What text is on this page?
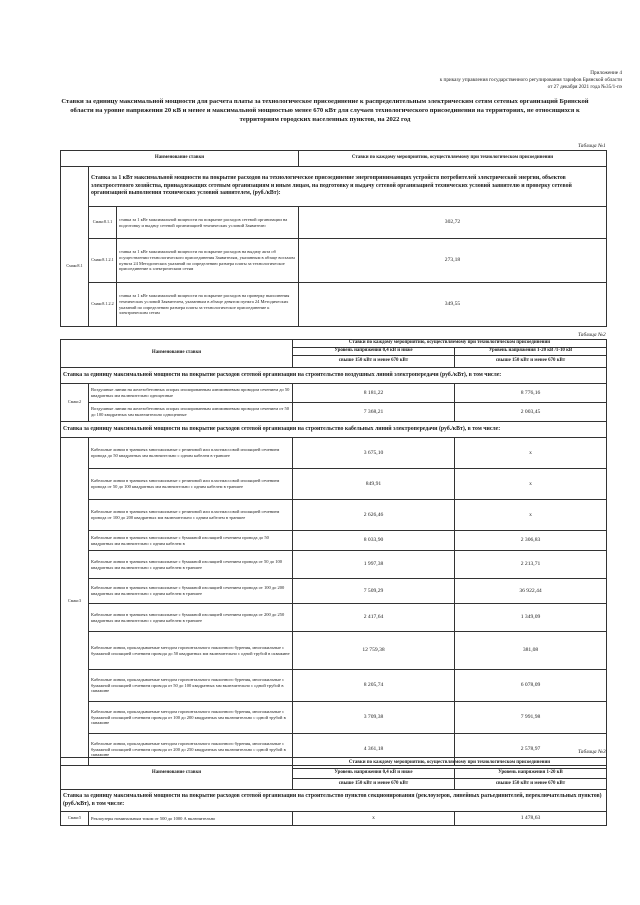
Приложение 4
к приказу управления государственного регулирования тарифов Брянской области
от 27 декабря 2021 года №35/1-пэ
Ставки за единицу максимальной мощности для расчета платы за технологическое присоединение к распределительным электрическим сетям сетевых организаций Брянской области на уровне напряжения 20 кВ и менее и максимальной мощностью менее 670 кВт для случаев технологического присоединения на территориях, не относящихся к территориям городских населенных пунктов, на 2022 год
Таблица №1
Наименование ставки			Ставки по каждому мероприятию, осуществляемому при технологическом присоединении
	Ставка за 1 кВт максимальной мощности на покрытие расходов на технологическое присоединение энергопринимающих устройств потребителей электрической энергии, объектов электросетевого хозяйства, принадлежащих сетевым организациям и иным лицам, на подготовку и выдачу сетевой организацией технических условий заявителю и проверку сетевой организацией выполнения технических условий заявителем, (руб./кВт):		
Смакс8.1	Cмакс8.1.1	ставка за 1 кВт максимальной мощности на покрытие расходов сетевой организации на подготовку и выдачу сетевой организацией технических условий Заявителю	302,72
	Cмакс8.1.2.1	ставка за 1 кВт максимальной мощности на покрытие расходов на выдачу акта об осуществлении технологического присоединения Заявителям, указанным в абзаце восьмом пункта 24 Методических указаний по определению размера платы за технологическое присоединение к электрическим сетям	273,18
	Cмакс8.1.2.2	ставка за 1 кВт максимальной мощности на покрытие расходов на проверку выполнения технических условий Заявителем, указанным в абзаце девятом пункта 24 Методических указаний по определению размера платы за технологическое присоединение к электрическим сетям	349,55
Таблица №2
Наименование ставки		Ставки по каждому мероприятию, осуществляемому при технологическом присоединении	
		Уровень напряжения 0,4 кВ и ниже	Уровень напряжения 1-20 кВ /1-10 кВ
		свыше 150 кВт и менее 670 кВт	свыше 150 кВт и менее 670 кВт
Ставка за единицу максимальной мощности на покрытие расходов сетевой организации на строительство воздушных линий электропередачи (руб./кВт), в том числе:			
Cмакс2	Воздушные линии на железобетонных опорах изолированным алюминиевым проводом сечением до 50 квадратных мм включительно одноцепные	8 181,22	8 776,16
	Воздушные линии на железобетонных опорах изолированным алюминиевым проводом сечением от 50 до 100 квадратных мм включительно одноцепные	7 368,21	2 003,45
Ставка за единицу максимальной мощности на покрытие расходов сетевой организации на строительство кабельных линий электропередачи (руб./кВт), в том числе:			
Cмакс3	Кабельные линии в траншеях многожильные с резиновой или пластмассовой изоляцией сечением провода до 50 квадратных мм включительно с одним кабелем в траншее	3 675,10	х
	Кабельные линии в траншеях многожильные с резиновой или пластмассовой изоляцией сечением провода от 50 до 100 квадратных мм включительно с одним кабелем в траншее	849,91	х
	Кабельные линии в траншеях многожильные с резиновой или пластмассовой изоляцией сечением провода от 100 до 200 квадратных мм включительно с одним кабелем в траншее	2 626,46	х
	Кабельные линии в траншеях многожильные с бумажной изоляцией сечением провода до 50 квадратных мм включительно с одним кабелем в	8 033,90	2 306,83
	Кабельные линии в траншеях многожильные с бумажной изоляцией сечением провода от 50 до 100 квадратных мм включительно с одним кабелем в траншее	1 997,38	2 213,71
	Кабельные линии в траншеях многожильные с бумажной изоляцией сечением провода от 100 до 200 квадратных мм включительно с одним кабелем в траншее	7 509,29	36 922,44
	Кабельные линии в траншеях многожильные с бумажной изоляцией сечением провода от 200 до 250 квадратных мм включительно с одним кабелем в траншее	2 417,64	1 349,09
	Кабельные линии, прокладываемые методом горизонтального наклонного бурения, многожильные с бумажной изоляцией сечением провода до 50 квадратных мм включительно с одной трубой в скважине	12 759,38	381,08
	Кабельные линии, прокладываемые методом горизонтального наклонного бурения, многожильные с бумажной изоляцией сечением провода от 50 до 100 квадратных мм включительно с одной трубой в скважине	8 205,74	6 078,09
	Кабельные линии, прокладываемые методом горизонтального наклонного бурения, многожильные с бумажной изоляцией сечением провода от 100 до 200 квадратных мм включительно с одной трубой в скважине	3 709,38	7 991,98
	Кабельные линии, прокладываемые методом горизонтального наклонного бурения, многожильные с бумажной изоляцией сечением провода от 200 до 250 квадратных мм включительно с одной трубой в скважине	4 361,18	2 578,97	Таблица №3
Наименование ставки		Ставки по каждому мероприятию, осуществляемому при технологическом присоединении	
		Уровень напряжения 0,4 кВ и ниже	Уровень напряжения 1-20 кВ
		свыше 150 кВт и менее 670 кВт	свыше 150 кВт и менее 670 кВт
Ставка за единицу максимальной мощности на покрытие расходов сетевой организации на строительство пунктов секционирования (реклоузеров, линейных разъединителей, переключательных пунктов) (руб./кВт), в том числе:			
Cмакс5	Реклоузеры номинальным током от 500 до 1000 А включительно	х	1 478,63
